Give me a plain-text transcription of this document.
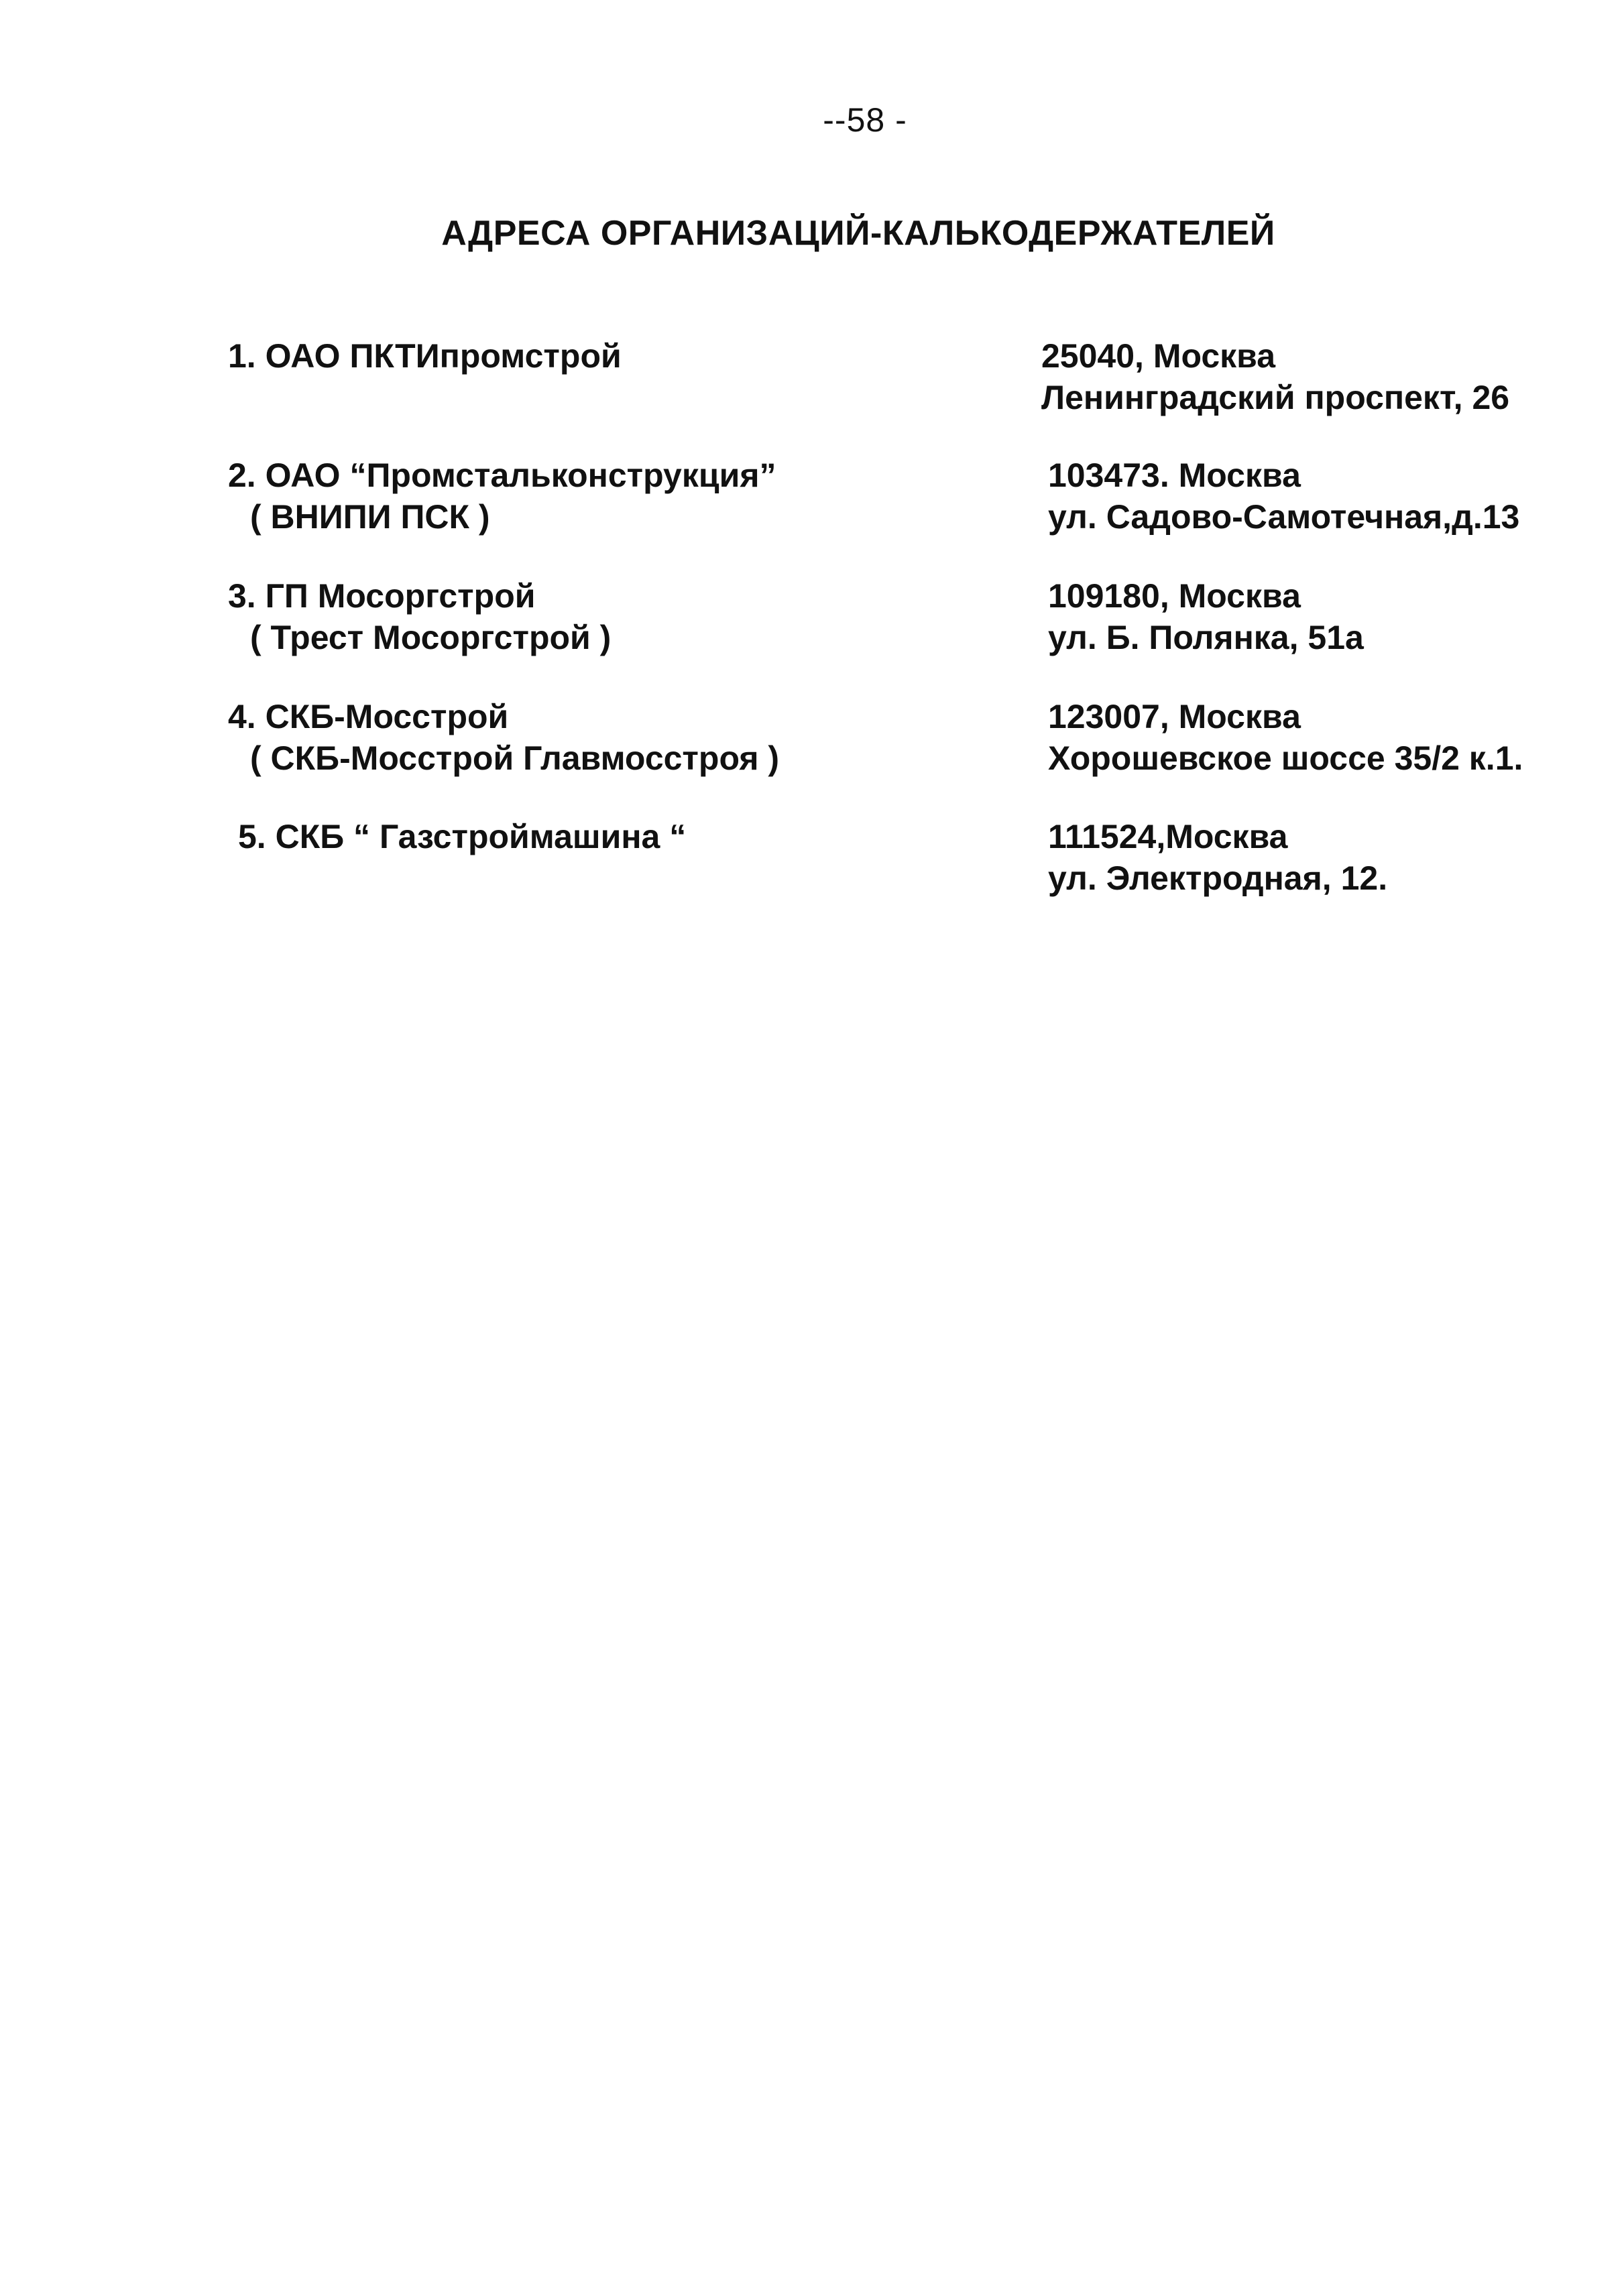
--58 -
АДРЕСА ОРГАНИЗАЦИЙ-КАЛЬКОДЕРЖАТЕЛЕЙ
1. ОАО ПКТИпромстрой	25040, Москва
Ленинградский проспект, 26
2. ОАО “Промстальконструкция”
( ВНИПИ ПСК )
103473. Москва
ул. Садово-Самотечная,д.13
3. ГП Мосоргстрой
( Трест Мосоргстрой )
109180, Москва
ул. Б. Полянка, 51а
4. СКБ-Мосстрой
( СКБ-Мосстрой Главмосстроя )
123007, Москва
Хорошевское шоссе 35/2 к.1.
5. СКБ “ Газстроймашина “	111524,Москва
ул. Электродная, 12.
